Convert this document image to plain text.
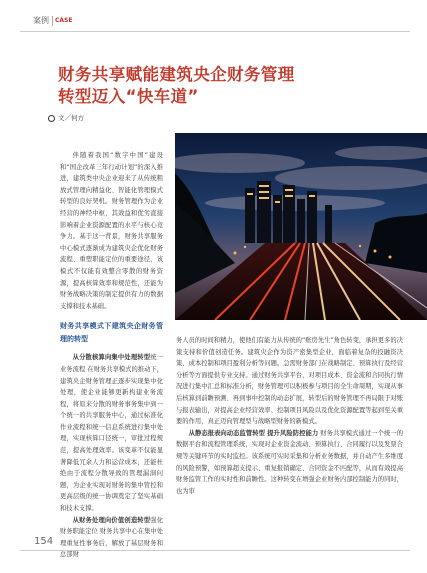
案例 CASE
财务共享赋能建筑央企财务管理
转型迈入“快车道”
文／何方

伴随着我国“数字中国”建设和“国企改革三年行动计划”的深入推进，建筑类中央企业迎来了从传统粗放式管理向精益化、智能化管理模式转型的良好契机。财务管理作为企业经营的神经中枢，其效益和优劣直接影响着企业资源配置的水平与核心竞争力。基于这一背景，财务共享服务中心模式逐渐成为建筑央企优化财务流程、重塑职能定位的重要途径，该模式不仅能有效整合零散的财务资源，提高核算效率和规范性，还能为财务战略决策的制定提供有力的数据支撑和技术基础。

财务共享模式下建筑央企财务管理的转型

从分散核算向集中处理转型统一业务流程 在财务共享模式的推动下，建筑央企财务管理正逐步实现集中化处理，使企业能够更新构建业务流程，将原来分散的财务事务集中到一个统一的共享服务中心，通过标准化作业流程和统一信息系统进行集中处理，实现核算口径统一，审批过程规范，提高处理效率。该变革不仅能显著降低冗余人力和运营成本，还能杜绝由于流程分散导致的管理漏洞问题，为企业实现对财务的集中管控和更高层级的统一协调奠定了坚实基础和技术支撑。

从财务处理向价值创造转型强化财务职能定位 财务共享中心在集中处理重复性事务后，解放了基层财务和总部财

务人员的时间和精力，使他们有能力从传统的“账房先生”角色转变，承担更多的决策支持和价值创造任务。建筑央企作为资产密集型企业，面临着复杂的投融资决策、成本控制和项目盈利分析等问题。急需财务部门在战略制定、预算执行及经营分析等方面提供专业支持。通过财务共享平台，对项目成本、资金流和合同执行情况进行集中汇总和标准分析，财务管理可以积极参与项目的全生命周期，实现从事后核算到前瞻预测、再到事中控制的动态扩展，转型后的财务管理不再局限于对账与报表输出，对提高企业经营效率、控制项目风险以及优化资源配置等起到至关重要的作用，真正迈向管理型与战略型财务的新模式。

从静态报表向动态监管转型 提升风险防控能力 财务共享模式通过一个统一的数据平台和流程管理系统，实现对企业资金流动、预算执行、合同履行以及发票合规等关键环节的实时监控。该系统可实时采集和分析业务数据，并自动产生多维度的风险预警，如预算超支提示、重复报销确定、合同资金不匹配等，从而有效提高财务监管工作的实时性和前瞻性。这种转变在增强企业财务内部控制能力的同时，也为审

154
